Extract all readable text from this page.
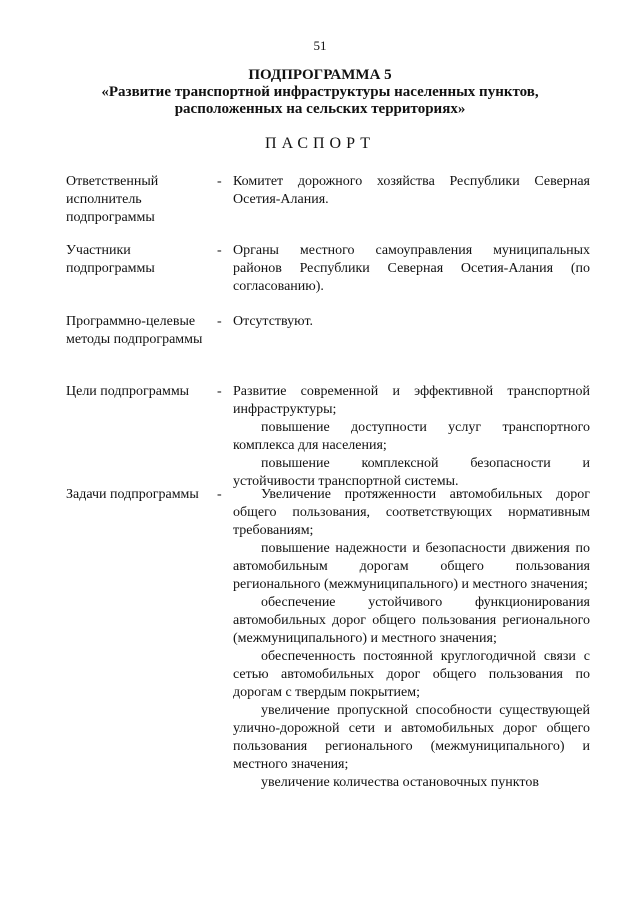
51
ПОДПРОГРАММА 5
«Развитие транспортной инфраструктуры населенных пунктов,
расположенных на сельских территориях»
ПАСПОРТ
Ответственный исполнитель подпрограммы
- Комитет дорожного хозяйства Республики Северная Осетия-Алания.

Участники подпрограммы
- Органы местного самоуправления муниципальных районов Республики Северная Осетия-Алания (по согласованию).

Программно-целевые методы подпрограммы
- Отсутствуют.

Цели подпрограммы	- Развитие современной и эффективной транспортной инфраструктуры;

повышение доступности услуг транспортного комплекса для населения;

повышение комплексной безопасности и устойчивости транспортной системы.

Задачи подпрограммы	-	Увеличение протяженности автомобильных дорог общего пользования, соответствующих нормативным требованиям;

повышение надежности и безопасности движения по автомобильным дорогам общего пользования регионального (межмуниципального) и местного значения;

обеспечение устойчивого функционирования автомобильных дорог общего пользования регионального (межмуниципального) и местного значения;

обеспеченность постоянной круглогодичной связи с сетью автомобильных дорог общего пользования по дорогам с твердым покрытием;

увеличение пропускной способности существующей улично-дорожной сети и автомобильных дорог общего пользования регионального (межмуниципального) и местного значения;

увеличение количества остановочных пунктов
